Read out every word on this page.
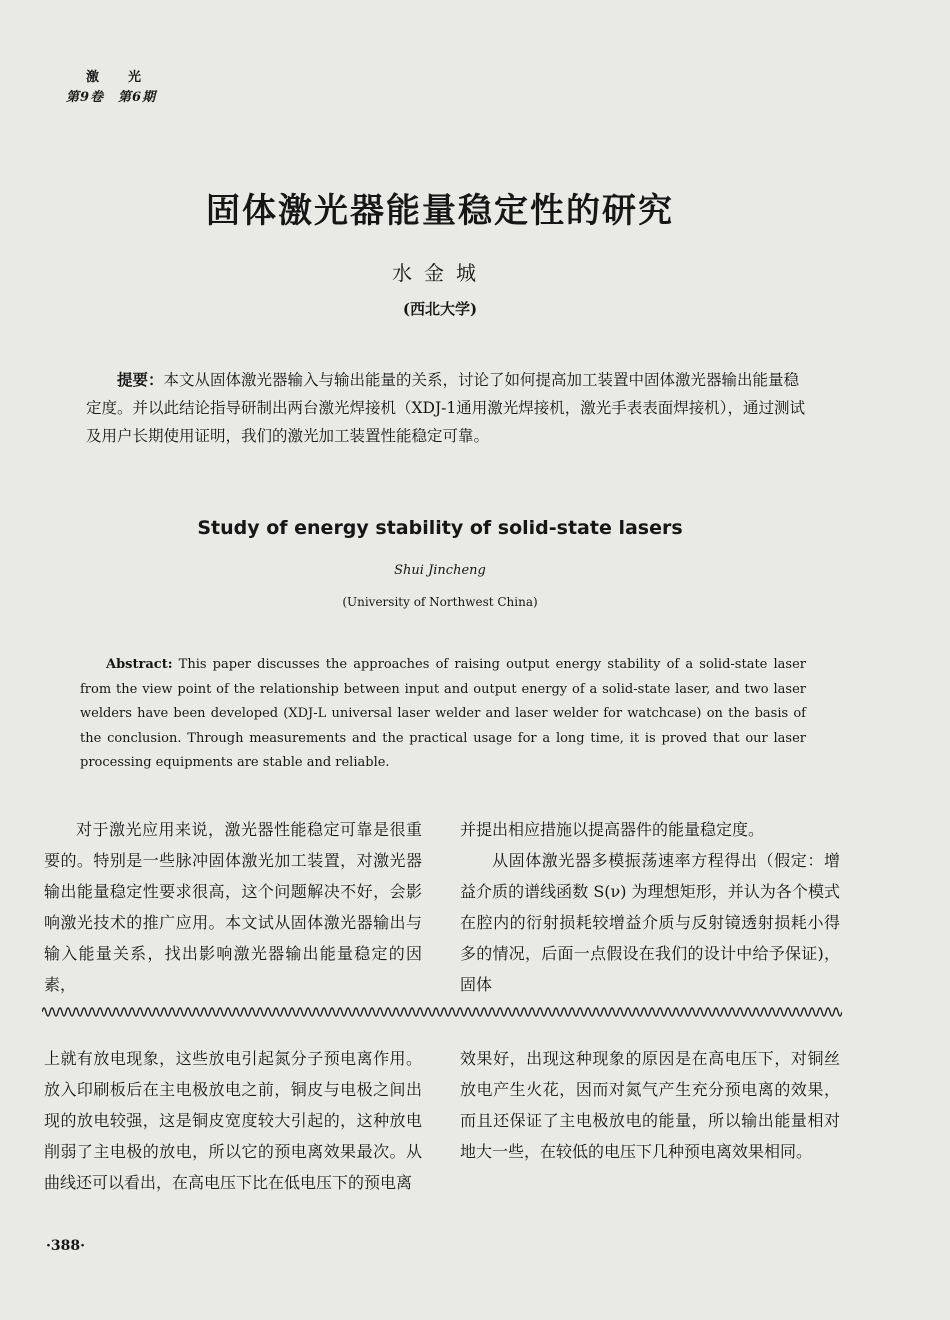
激　光
第9卷　第6期
固体激光器能量稳定性的研究
水金城
(西北大学)

提要：本文从固体激光器输入与输出能量的关系，讨论了如何提高加工装置中固体激光器输出能量稳定度。并以此结论指导研制出两台激光焊接机（XDJ-1通用激光焊接机，激光手表表面焊接机），通过测试及用户长期使用证明，我们的激光加工装置性能稳定可靠。

Study of energy stability of solid-state lasers
Shui Jincheng
(University of Northwest China)

Abstract: This paper discusses the approaches of raising output energy stability of a solid-state laser from the view point of the relationship between input and output energy of a solid-state laser, and two laser welders have been developed (XDJ-L universal laser welder and laser welder for watchcase) on the basis of the conclusion. Through measurements and the practical usage for a long time, it is proved that our laser processing equipments are stable and reliable.

对于激光应用来说，激光器性能稳定可靠是很重要的。特别是一些脉冲固体激光加工装置，对激光器输出能量稳定性要求很高，这个问题解决不好，会影响激光技术的推广应用。本文试从固体激光器输出与输入能量关系，找出影响激光器输出能量稳定的因素，

并提出相应措施以提高器件的能量稳定度。

从固体激光器多模振荡速率方程得出（假定：增益介质的谱线函数 S(ν) 为理想矩形，并认为各个模式在腔内的衍射损耗较增益介质与反射镜透射损耗小得多的情况，后面一点假设在我们的设计中给予保证)，固体

上就有放电现象，这些放电引起氮分子预电离作用。放入印刷板后在主电极放电之前，铜皮与电极之间出现的放电较强，这是铜皮宽度较大引起的，这种放电削弱了主电极的放电，所以它的预电离效果最次。从曲线还可以看出，在高电压下比在低电压下的预电离

效果好，出现这种现象的原因是在高电压下，对铜丝放电产生火花，因而对氮气产生充分预电离的效果，而且还保证了主电极放电的能量，所以输出能量相对地大一些，在较低的电压下几种预电离效果相同。

·388·
